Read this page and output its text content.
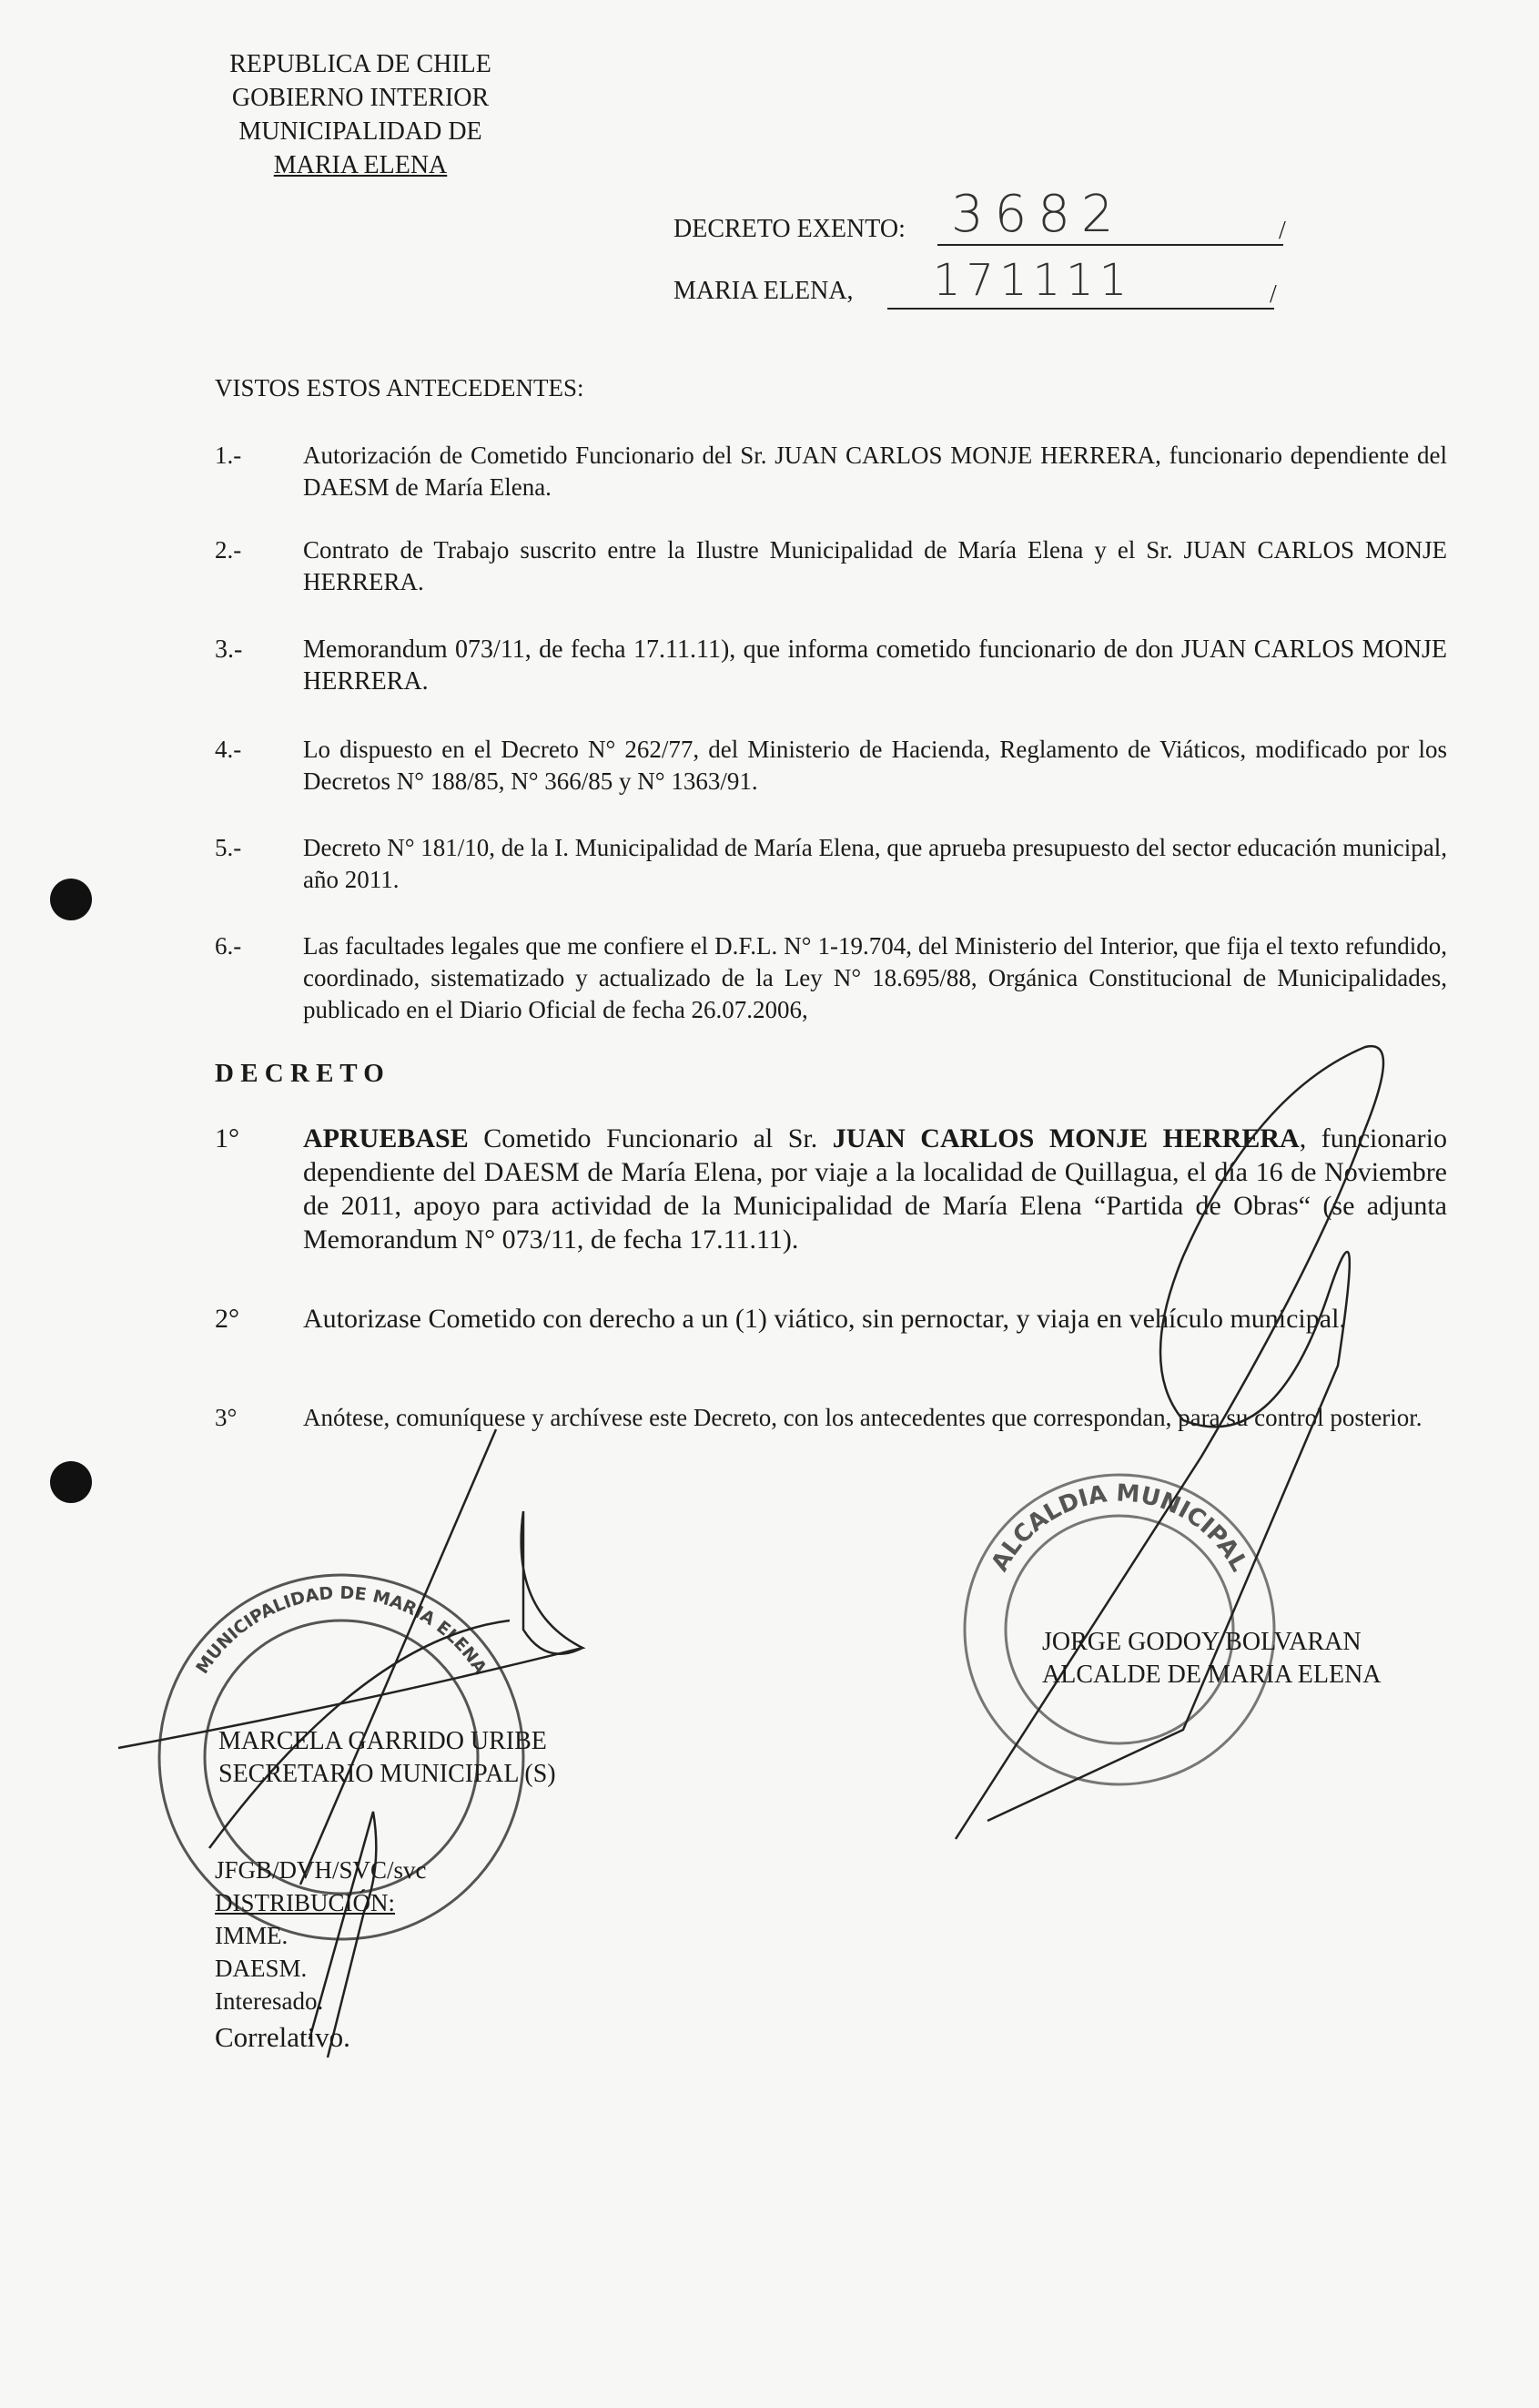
REPUBLICA DE CHILE
GOBIERNO INTERIOR
MUNICIPALIDAD DE
MARIA ELENA
DECRETO EXENTO: 3682	/
MARIA ELENA, 171111	/
VISTOS ESTOS ANTECEDENTES:
1.-	Autorización de Cometido Funcionario del Sr. JUAN CARLOS MONJE HERRERA, funcionario dependiente del DAESM de María Elena.
2.-	Contrato de Trabajo suscrito entre la Ilustre Municipalidad de María Elena y el Sr. JUAN CARLOS MONJE HERRERA.
3.- Memorandum 073/11, de fecha 17.11.11), que informa cometido funcionario de don JUAN CARLOS MONJE HERRERA.
4.-	Lo dispuesto en el Decreto N° 262/77, del Ministerio de Hacienda, Reglamento de Viáticos, modificado por los Decretos N° 188/85, N° 366/85 y N° 1363/91.
5.-	Decreto N° 181/10, de la I. Municipalidad de María Elena, que aprueba presupuesto del sector educación municipal, año 2011.
6.-	Las facultades legales que me confiere el D.F.L. N° 1-19.704, del Ministerio del Interior, que fija el texto refundido, coordinado, sistematizado y actualizado de la Ley N° 18.695/88, Orgánica Constitucional de Municipalidades, publicado en el Diario Oficial de fecha 26.07.2006,
D E C R E T O
1° APRUEBASE Cometido Funcionario al Sr. JUAN CARLOS MONJE HERRERA, funcionario dependiente del DAESM de María Elena, por viaje a la localidad de Quillagua, el día 16 de Noviembre de 2011, apoyo para actividad de la Municipalidad de María Elena “Partida de Obras“ (se adjunta Memorandum N° 073/11, de fecha 17.11.11).
2° Autorizase Cometido con derecho a un (1) viático, sin pernoctar, y viaja en vehículo municipal.
3°	Anótese, comuníquese y archívese este Decreto, con los antecedentes que correspondan, para su control posterior.
MUNICIPALIDAD DE MARIA ELENA
ALCALDIA MUNICIPAL
JORGE GODOY BOLVARAN
ALCALDE DE MARIA ELENA
MARCELA GARRIDO URIBE
SECRETARIO MUNICIPAL (S)
JFGB/DVH/SVC/svc
DISTRIBUCIÓN:
IMME.
DAESM.
Interesado.
Correlativo.
